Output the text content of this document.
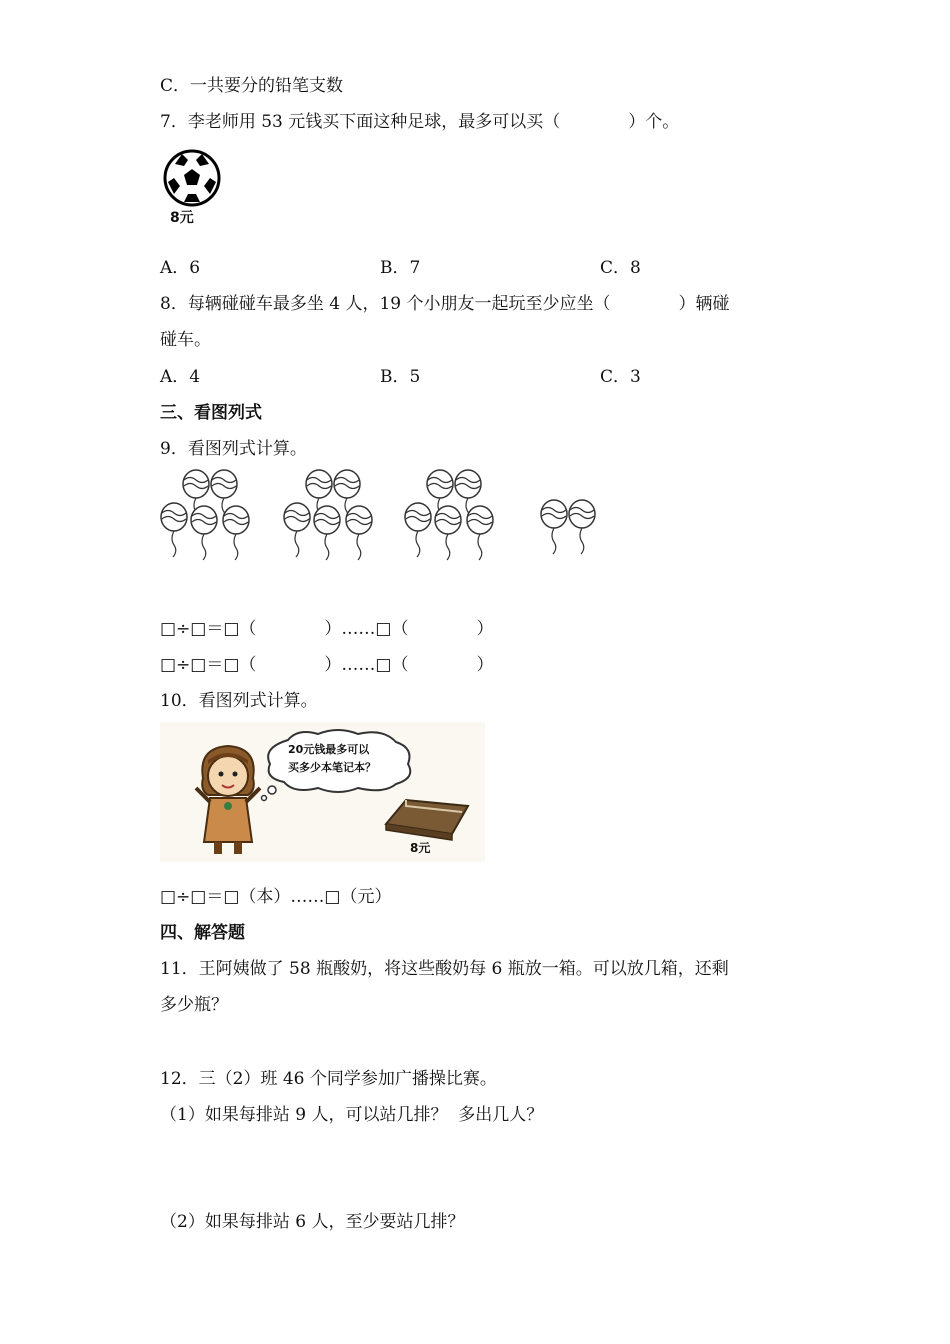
C．一共要分的铅笔支数
7．李老师用 53 元钱买下面这种足球，最多可以买（　　　　）个。
8元
A．6	B．7	C．8
8．每辆碰碰车最多坐 4 人，19 个小朋友一起玩至少应坐（　　　　）辆碰
碰车。
A．4	B．5	C．3
三、看图列式
9．看图列式计算。
□÷□＝□（　　　　）……□（　　　　）
□÷□＝□（　　　　）……□（　　　　）
10．看图列式计算。
20元钱最多可以
买多少本笔记本？
8元
□÷□＝□（本）……□（元）
四、解答题
11．王阿姨做了 58 瓶酸奶，将这些酸奶每 6 瓶放一箱。可以放几箱，还剩
多少瓶？
12．三（2）班 46 个同学参加广播操比赛。
（1）如果每排站 9 人，可以站几排？  多出几人？
（2）如果每排站 6 人，至少要站几排？
